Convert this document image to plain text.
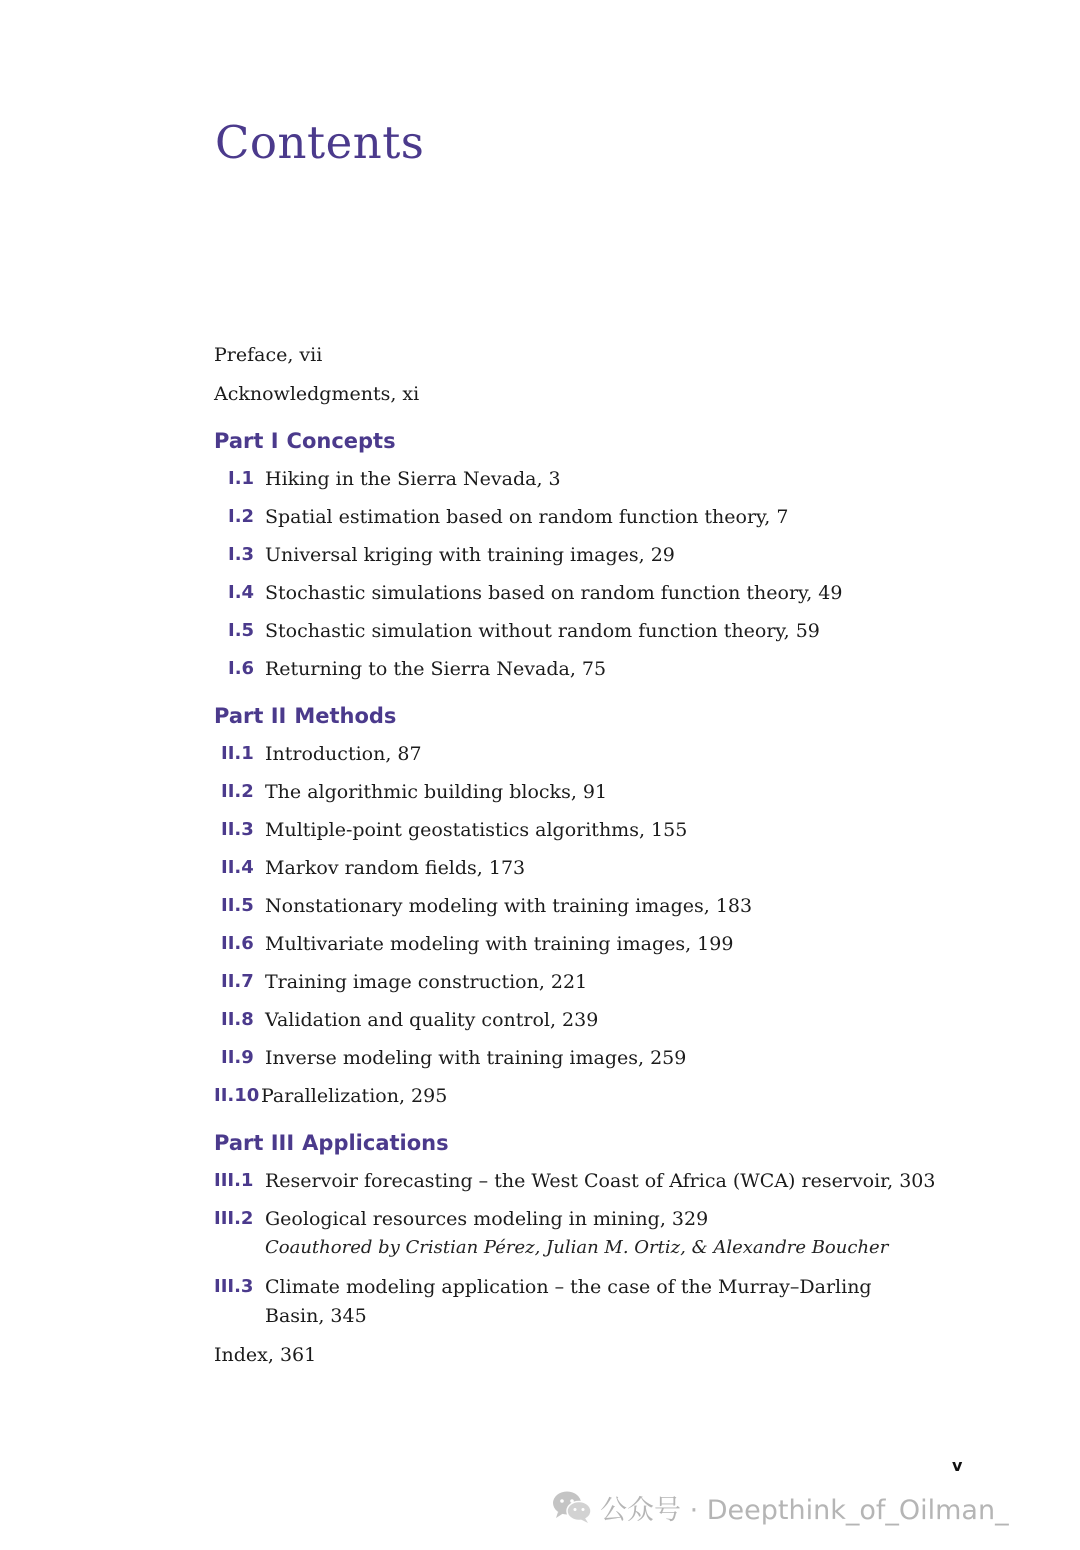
Contents
Preface, vii
Acknowledgments, xi
Part I Concepts
I.1 Hiking in the Sierra Nevada, 3
I.2 Spatial estimation based on random function theory, 7
I.3 Universal kriging with training images, 29
I.4 Stochastic simulations based on random function theory, 49
I.5 Stochastic simulation without random function theory, 59
I.6 Returning to the Sierra Nevada, 75
Part II Methods
II.1 Introduction, 87
II.2 The algorithmic building blocks, 91
II.3 Multiple-point geostatistics algorithms, 155
II.4 Markov random fields, 173
II.5 Nonstationary modeling with training images, 183
II.6 Multivariate modeling with training images, 199
II.7 Training image construction, 221
II.8 Validation and quality control, 239
II.9 Inverse modeling with training images, 259
II.10 Parallelization, 295
Part III Applications
III.1 Reservoir forecasting – the West Coast of Africa (WCA) reservoir, 303
III.2 Geological resources modeling in mining, 329
Coauthored by Cristian Pérez, Julian M. Ortiz, & Alexandre Boucher
III.3 Climate modeling application – the case of the Murray–Darling
Basin, 345
Index, 361
v
公众号 · Deepthink_of_Oilman_
